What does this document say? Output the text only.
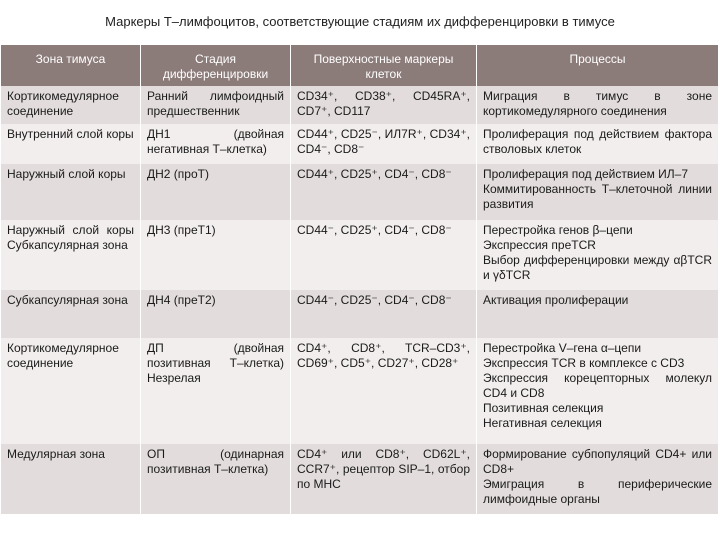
Маркеры Т–лимфоцитов, соответствующие стадиям их дифференцировки в тимусе
Зона тимуса	Стадия дифференцировки	Поверхностные маркеры клеток	Процессы
Кортикомедулярное соединение	Ранний лимфоидный предшественник	CD34⁺, CD38⁺, CD45RA⁺, CD7⁺, CD117	Миграция в тимус в зоне кортикомедулярного соединения

Внутренний слой коры	ДН1 (двойная негативная Т–клетка)	CD44⁺, CD25⁻, ИЛ7R⁺, CD34⁺, CD4⁻, CD8⁻	Пролиферация под действием фактора стволовых клеток

Наружный слой коры	ДН2 (проТ)	CD44⁺, CD25⁺, CD4⁻, CD8⁻	Пролиферация под действием ИЛ–7
Коммитированность Т–клеточной линии развития

Наружный слой коры Субкапсулярная зона	ДН3 (преТ1)	CD44⁻, CD25⁺, CD4⁻, CD8⁻	Перестройка генов β–цепи
Экспрессия преTCR
Выбор дифференцировки между αβTCR и γδTCR

Субкапсулярная зона	ДН4 (преТ2)	CD44⁻, CD25⁻, CD4⁻, CD8⁻	Активация пролиферации

Кортикомедулярное соединение	ДП (двойная позитивная Т–клетка) Незрелая	CD4⁺, CD8⁺, TCR–CD3⁺, CD69⁺, CD5⁺, CD27⁺, CD28⁺	Перестройка V–гена α–цепи
Экспрессия TCR в комплексе с CD3
Экспрессия корецепторных молекул CD4 и CD8
Позитивная селекция
Негативная селекция

Медулярная зона	ОП (одинарная позитивная Т–клетка)	CD4⁺ или CD8⁺, CD62L⁺, CCR7⁺, рецептор SIP–1, отбор по MHC	Формирование субпопуляций CD4+ или CD8+
Эмиграция в периферические лимфоидные органы
